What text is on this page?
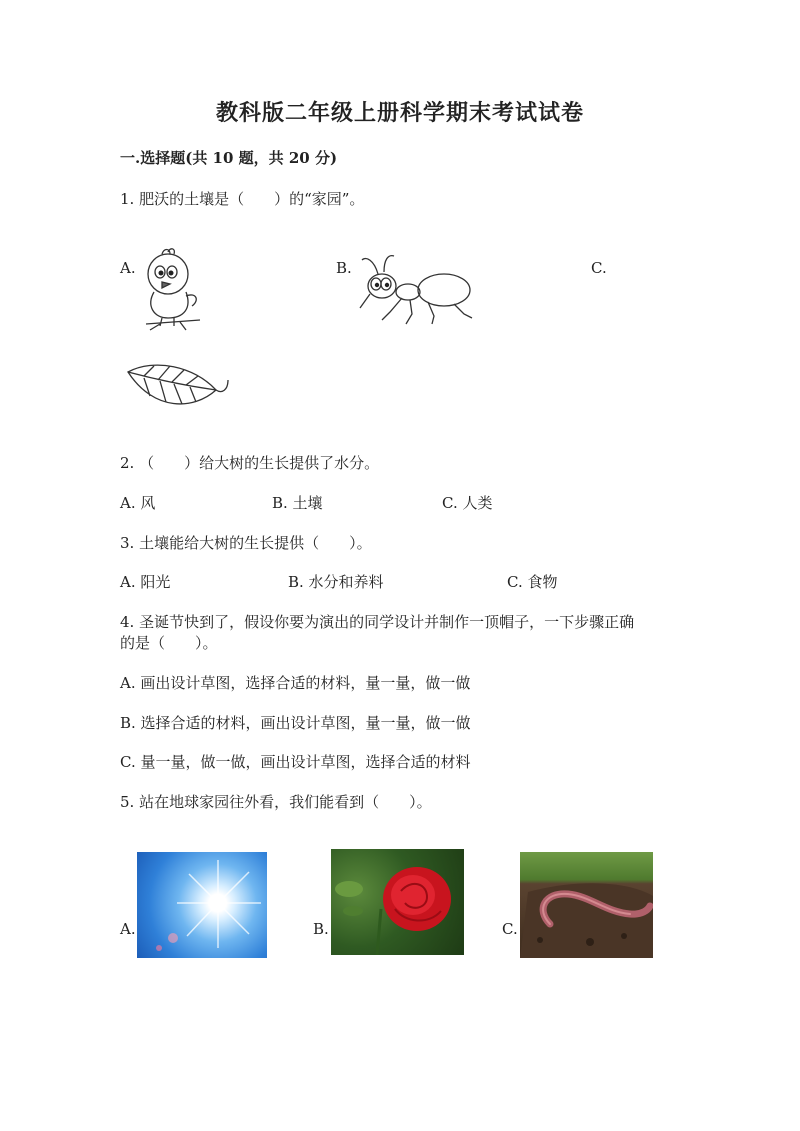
教科版二年级上册科学期末考试试卷
一.选择题(共 10 题，共 20 分)
1. 肥沃的土壤是（　　）的“家园”。
A.	B.	C.
2. （　　）给大树的生长提供了水分。
A. 风	B. 土壤	C. 人类
3. 土壤能给大树的生长提供（　　）。
A. 阳光	B. 水分和养料	C. 食物
4. 圣诞节快到了，假设你要为演出的同学设计并制作一顶帽子，一下步骤正确
的是（　　）。
A. 画出设计草图，选择合适的材料，量一量，做一做
B. 选择合适的材料，画出设计草图，量一量，做一做
C. 量一量，做一做，画出设计草图，选择合适的材料
5. 站在地球家园往外看，我们能看到（　　）。
A.	B.	C.
